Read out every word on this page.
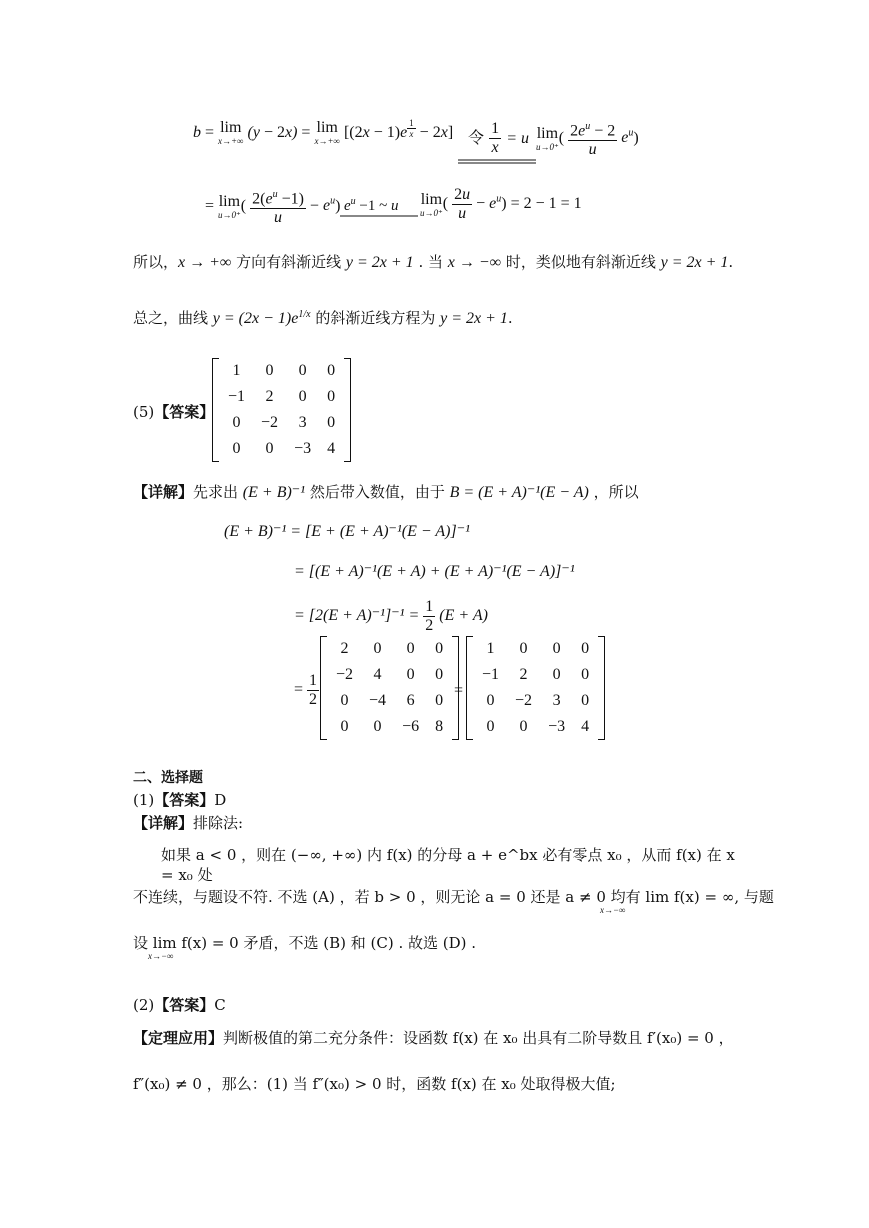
b = lim
x→+∞
(y − 2x) = lim
x→+∞
[(2x − 1)e $^{\frac{1}{x}}$ − 2x] 令 $\frac{1}{x} = u$ lim
u→0⁺
( $\frac{2e^u - 2}{u} e^u$)
= lim
u→0⁺
( $\frac{2(e^u -1)}{u} - e^u$) $e^u -1$ ~ u lim
u→0⁺
( $\frac{2u}{u} - e^u) = 2 - 1 = 1$
所以，x → +∞ 方向有斜渐近线 y = 2x + 1 . 当 x → −∞ 时，类似地有斜渐近线 y = 2x + 1.
总之，曲线 $y = (2x - 1)e^{1/x}$ 的斜渐近线方程为 y = 2x + 1.
(5)【答案】
1	0	0	0
−1	2	0	0
0	−2	3	0
0	0	−3	4
【详解】先求出 (E + B)⁻¹ 然后带入数值，由于 B = (E + A)⁻¹(E − A) ，所以
(E + B)⁻¹ = [E + (E + A)⁻¹(E − A)]⁻¹
= [(E + A)⁻¹(E + A) + (E + A)⁻¹(E − A)]⁻¹
= $[2(E + A)^{-1}]^{-1} = \frac{1}{2} (E + A)$
= $\frac{1}{2}$
2	0	0	0
−2	4	0	0
0	−4	6	0
0	0	−6	8
=
1	0	0	0
−1	2	0	0
0	−2	3	0
0	0	−3	4
二、选择题
(1)【答案】D
【详解】排除法:
如果 a < 0 ，则在 (−∞, +∞) 内 f(x) 的分母 a + e^bx 必有零点 x₀ ，从而 f(x) 在 x = x₀ 处
不连续，与题设不符. 不选 (A) ，若 b > 0 ，则无论 a = 0 还是 a ≠ 0 均有 lim f(x) = ∞, 与题
x→−∞
设 lim f(x) = 0 矛盾，不选 (B) 和 (C) . 故选 (D) .
x→−∞
(2)【答案】C
【定理应用】判断极值的第二充分条件：设函数 f(x) 在 x₀ 出具有二阶导数且 f′(x₀) = 0 ，
f″(x₀) ≠ 0 ，那么：(1) 当 f″(x₀) > 0 时，函数 f(x) 在 x₀ 处取得极大值;
